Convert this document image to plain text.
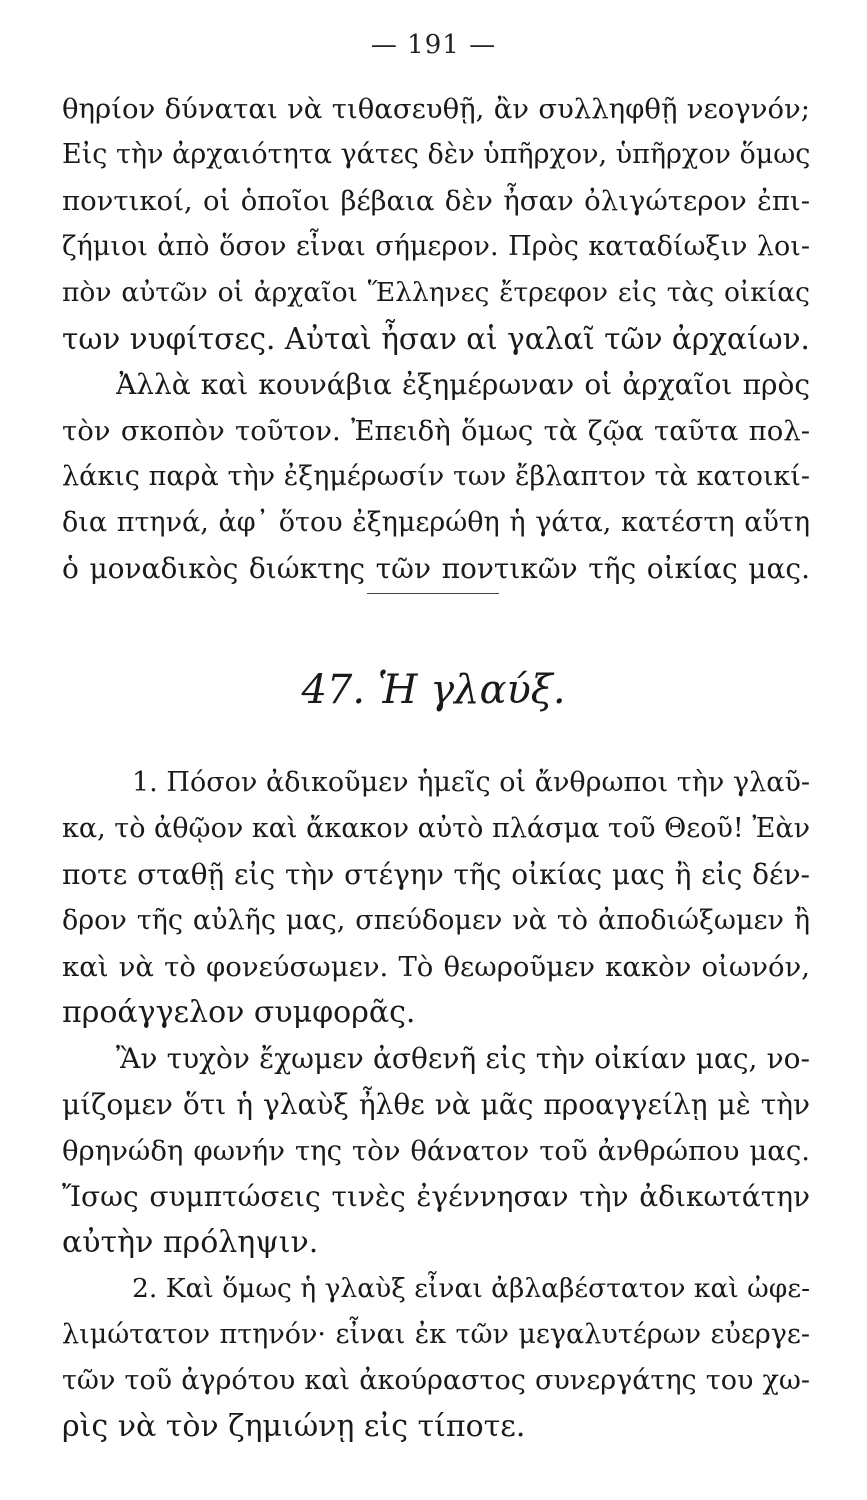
— 191 —
θηρίον δύναται νὰ τιθασευθῇ, ἂν συλληφθῇ νεογνόν;
Εἰς τὴν ἀρχαιότητα γάτες δὲν ὑπῆρχον, ὑπῆρχον ὅμως
ποντικοί, οἱ ὁποῖοι βέβαια δὲν ἦσαν ὀλιγώτερον ἐπι-
ζήμιοι ἀπὸ ὅσον εἶναι σήμερον. Πρὸς καταδίωξιν λοι-
πὸν αὐτῶν οἱ ἀρχαῖοι Ἕλληνες ἔτρεφον εἰς τὰς οἰκίας
των νυφίτσες. Αὐταὶ ἦσαν αἱ γαλαῖ τῶν ἀρχαίων.
Ἀλλὰ καὶ κουνάβια ἐξημέρωναν οἱ ἀρχαῖοι πρὸς
τὸν σκοπὸν τοῦτον. Ἐπειδὴ ὅμως τὰ ζῷα ταῦτα πολ-
λάκις παρὰ τὴν ἐξημέρωσίν των ἔβλαπτον τὰ κατοικί-
δια πτηνά, ἀφ᾽ ὅτου ἐξημερώθη ἡ γάτα, κατέστη αὕτη
ὁ μοναδικὸς διώκτης τῶν ποντικῶν τῆς οἰκίας μας.
47. Ἡ γλαύξ.
1. Πόσον ἀδικοῦμεν ἡμεῖς οἱ ἄνθρωποι τὴν γλαῦ-
κα, τὸ ἀθῷον καὶ ἄκακον αὐτὸ πλάσμα τοῦ Θεοῦ! Ἐὰν
ποτε σταθῇ εἰς τὴν στέγην τῆς οἰκίας μας ἢ εἰς δέν-
δρον τῆς αὐλῆς μας, σπεύδομεν νὰ τὸ ἀποδιώξωμεν ἢ
καὶ νὰ τὸ φονεύσωμεν. Τὸ θεωροῦμεν κακὸν οἰωνόν,
προάγγελον συμφορᾶς.
Ἂν τυχὸν ἔχωμεν ἀσθενῆ εἰς τὴν οἰκίαν μας, νο-
μίζομεν ὅτι ἡ γλαὺξ ἦλθε νὰ μᾶς προαγγείλῃ μὲ τὴν
θρηνώδη φωνήν της τὸν θάνατον τοῦ ἀνθρώπου μας.
Ἴσως συμπτώσεις τινὲς ἐγέννησαν τὴν ἀδικωτάτην
αὐτὴν πρόληψιν.
2. Καὶ ὅμως ἡ γλαὺξ εἶναι ἀβλαβέστατον καὶ ὠφε-
λιμώτατον πτηνόν· εἶναι ἐκ τῶν μεγαλυτέρων εὐεργε-
τῶν τοῦ ἀγρότου καὶ ἀκούραστος συνεργάτης του χω-
ρὶς νὰ τὸν ζημιώνῃ εἰς τίποτε.
